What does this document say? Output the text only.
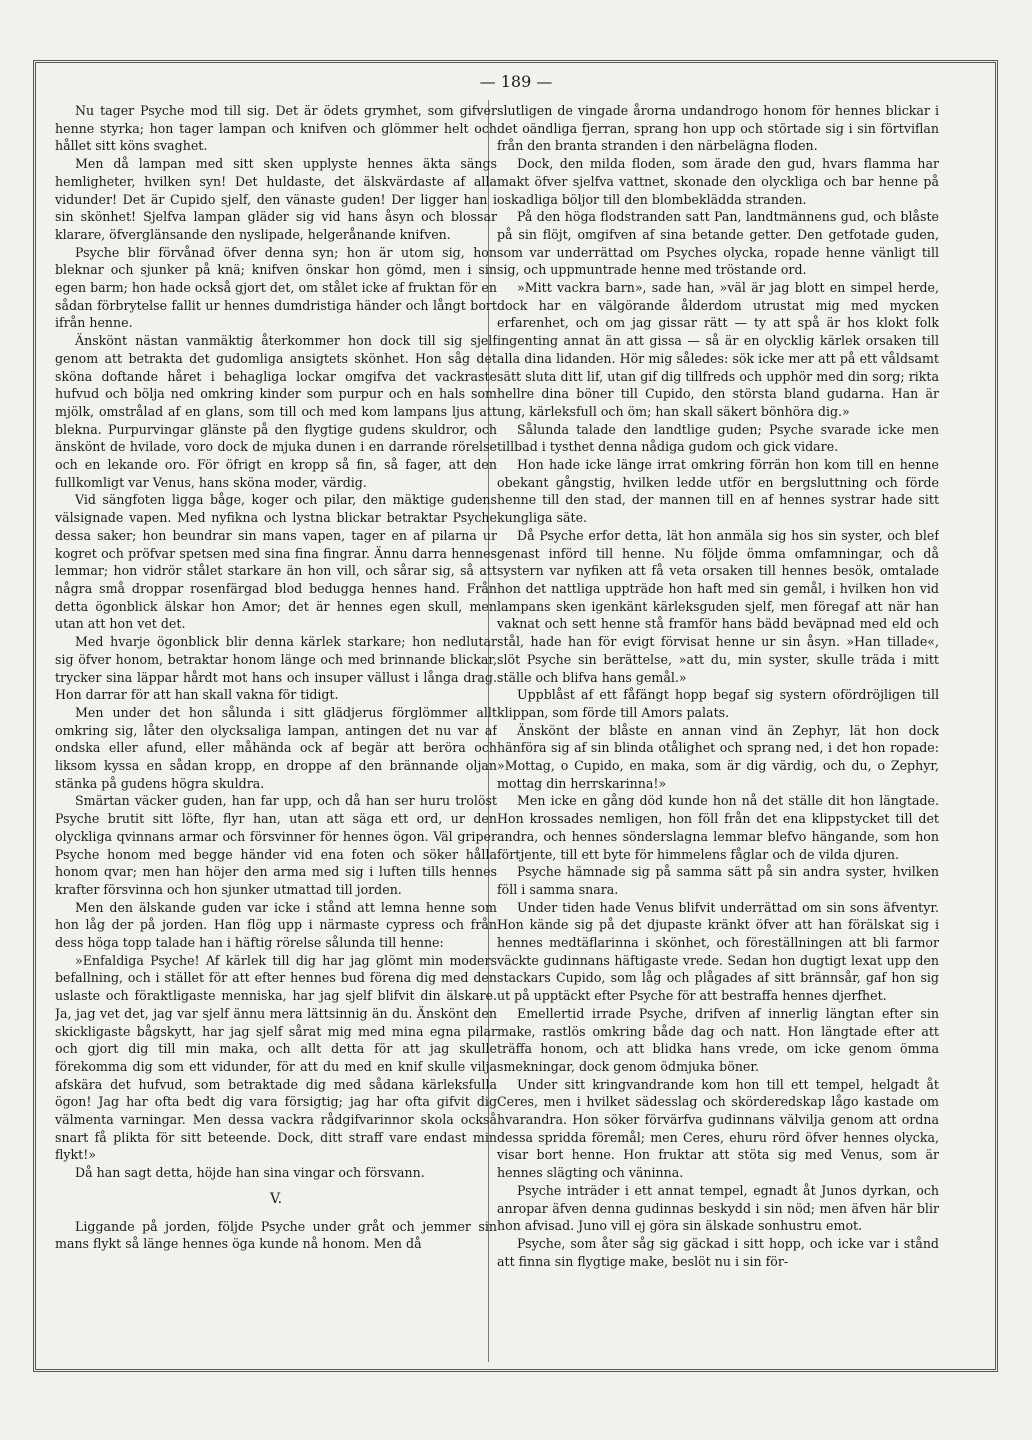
— 189 —

Nu tager Psyche mod till sig. Det är ödets grymhet, som gifver henne styrka; hon tager lampan och knifven och glömmer helt och hållet sitt köns svaghet.

Men då lampan med sitt sken upplyste hennes äkta sängs hemligheter, hvilken syn! Det huldaste, det älskvärdaste af alla vidunder! Det är Cupido sjelf, den vänaste guden! Der ligger han i sin skönhet! Sjelfva lampan gläder sig vid hans åsyn och blossar klarare, öfverglänsande den nyslipade, helgerånande knifven.

Psyche blir förvånad öfver denna syn; hon är utom sig, hon bleknar och sjunker på knä; knifven önskar hon gömd, men i sin egen barm; hon hade också gjort det, om stålet icke af fruktan för en sådan förbrytelse fallit ur hennes dumdristiga händer och långt bort ifrån henne.

Änskönt nästan vanmäktig återkommer hon dock till sig sjelf genom att betrakta det gudomliga ansigtets skönhet. Hon såg det sköna doftande håret i behagliga lockar omgifva det vackraste hufvud och bölja ned omkring kinder som purpur och en hals som mjölk, omstrålad af en glans, som till och med kom lampans ljus att blekna. Purpurvingar glänste på den flygtige gudens skuldror, och änskönt de hvilade, voro dock de mjuka dunen i en darrande rörelse och en lekande oro. För öfrigt en kropp så fin, så fager, att den fullkomligt var Venus, hans sköna moder, värdig.

Vid sängfoten ligga båge, koger och pilar, den mäktige gudens välsignade vapen. Med nyfikna och lystna blickar betraktar Psyche dessa saker; hon beundrar sin mans vapen, tager en af pilarna ur kogret och pröfvar spetsen med sina fina fingrar. Ännu darra hennes lemmar; hon vidrör stålet starkare än hon vill, och sårar sig, så att några små droppar rosenfärgad blod bedugga hennes hand. Från detta ögonblick älskar hon Amor; det är hennes egen skull, men utan att hon vet det.

Med hvarje ögonblick blir denna kärlek starkare; hon nedlutar sig öfver honom, betraktar honom länge och med brinnande blickar, trycker sina läppar hårdt mot hans och insuper vällust i långa drag. Hon darrar för att han skall vakna för tidigt.

Men under det hon sålunda i sitt glädjerus förglömmer allt omkring sig, låter den olycksaliga lampan, antingen det nu var af ondska eller afund, eller måhända ock af begär att beröra och liksom kyssa en sådan kropp, en droppe af den brännande oljan stänka på gudens högra skuldra.

Smärtan väcker guden, han far upp, och då han ser huru trolöst Psyche brutit sitt löfte, flyr han, utan att säga ett ord, ur den olyckliga qvinnans armar och försvinner för hennes ögon. Väl griper Psyche honom med begge händer vid ena foten och söker hålla honom qvar; men han höjer den arma med sig i luften tills hennes krafter försvinna och hon sjunker utmattad till jorden.

Men den älskande guden var icke i stånd att lemna henne som hon låg der på jorden. Han flög upp i närmaste cypress och från dess höga topp talade han i häftig rörelse sålunda till henne:

»Enfaldiga Psyche! Af kärlek till dig har jag glömt min moders befallning, och i stället för att efter hennes bud förena dig med den uslaste och föraktligaste menniska, har jag sjelf blifvit din älskare. Ja, jag vet det, jag var sjelf ännu mera lättsinnig än du. Änskönt den skickligaste bågskytt, har jag sjelf sårat mig med mina egna pilar och gjort dig till min maka, och allt detta för att jag skulle förekomma dig som ett vidunder, för att du med en knif skulle vilja afskära det hufvud, som betraktade dig med sådana kärleksfulla ögon! Jag har ofta bedt dig vara försigtig; jag har ofta gifvit dig välmenta varningar. Men dessa vackra rådgifvarinnor skola också snart få plikta för sitt beteende. Dock, ditt straff vare endast min flykt!»

Då han sagt detta, höjde han sina vingar och försvann.

V.

Liggande på jorden, följde Psyche under gråt och jemmer sin mans flykt så länge hennes öga kunde nå honom. Men då

slutligen de vingade årorna undandrogo honom för hennes blickar i det oändliga fjerran, sprang hon upp och störtade sig i sin förtviflan från den branta stranden i den närbelägna floden.

Dock, den milda floden, som ärade den gud, hvars flamma har makt öfver sjelfva vattnet, skonade den olyckliga och bar henne på oskadliga böljor till den blombeklädda stranden.

På den höga flodstranden satt Pan, landtmännens gud, och blåste på sin flöjt, omgifven af sina betande getter. Den getfotade guden, som var underrättad om Psyches olycka, ropade henne vänligt till sig, och uppmuntrade henne med tröstande ord.

»Mitt vackra barn», sade han, »väl är jag blott en simpel herde, dock har en välgörande ålderdom utrustat mig med mycken erfarenhet, och om jag gissar rätt — ty att spå är hos klokt folk ingenting annat än att gissa — så är en olycklig kärlek orsaken till alla dina lidanden. Hör mig således: sök icke mer att på ett våldsamt sätt sluta ditt lif, utan gif dig tillfreds och upphör med din sorg; rikta hellre dina böner till Cupido, den största bland gudarna. Han är ung, kärleksfull och öm; han skall säkert bönhöra dig.»

Sålunda talade den landtlige guden; Psyche svarade icke men tillbad i tysthet denna nådiga gudom och gick vidare.

Hon hade icke länge irrat omkring förrän hon kom till en henne obekant gångstig, hvilken ledde utför en bergsluttning och förde henne till den stad, der mannen till en af hennes systrar hade sitt kungliga säte.

Då Psyche erfor detta, lät hon anmäla sig hos sin syster, och blef genast införd till henne. Nu följde ömma omfamningar, och då systern var nyfiken att få veta orsaken till hennes besök, omtalade hon det nattliga uppträde hon haft med sin gemål, i hvilken hon vid lampans sken igenkänt kärleksguden sjelf, men föregaf att när han vaknat och sett henne stå framför hans bädd beväpnad med eld och stål, hade han för evigt förvisat henne ur sin åsyn. »Han tillade«, slöt Psyche sin berättelse, »att du, min syster, skulle träda i mitt ställe och blifva hans gemål.»

Uppblåst af ett fåfängt hopp begaf sig systern ofördröjligen till klippan, som förde till Amors palats.

Änskönt der blåste en annan vind än Zephyr, lät hon dock hänföra sig af sin blinda otålighet och sprang ned, i det hon ropade: »Mottag, o Cupido, en maka, som är dig värdig, och du, o Zephyr, mottag din herrskarinna!»

Men icke en gång död kunde hon nå det ställe dit hon längtade. Hon krossades nemligen, hon föll från det ena klippstycket till det andra, och hennes sönderslagna lemmar blefvo hängande, som hon förtjente, till ett byte för himmelens fåglar och de vilda djuren.

Psyche hämnade sig på samma sätt på sin andra syster, hvilken föll i samma snara.

Under tiden hade Venus blifvit underrättad om sin sons äfventyr. Hon kände sig på det djupaste kränkt öfver att han förälskat sig i hennes medtäflarinna i skönhet, och föreställningen att bli farmor väckte gudinnans häftigaste vrede. Sedan hon dugtigt lexat upp den stackars Cupido, som låg och plågades af sitt brännsår, gaf hon sig ut på upptäckt efter Psyche för att bestraffa hennes djerfhet.

Emellertid irrade Psyche, drifven af innerlig längtan efter sin make, rastlös omkring både dag och natt. Hon längtade efter att träffa honom, och att blidka hans vrede, om icke genom ömma smekningar, dock genom ödmjuka böner.

Under sitt kringvandrande kom hon till ett tempel, helgadt åt Ceres, men i hvilket sädesslag och skörderedskap lågo kastade om hvarandra. Hon söker förvärfva gudinnans välvilja genom att ordna dessa spridda föremål; men Ceres, ehuru rörd öfver hennes olycka, visar bort henne. Hon fruktar att stöta sig med Venus, som är hennes slägting och väninna.

Psyche inträder i ett annat tempel, egnadt åt Junos dyrkan, och anropar äfven denna gudinnas beskydd i sin nöd; men äfven här blir hon afvisad. Juno vill ej göra sin älskade sonhustru emot.

Psyche, som åter såg sig gäckad i sitt hopp, och icke var i stånd att finna sin flygtige make, beslöt nu i sin för-
